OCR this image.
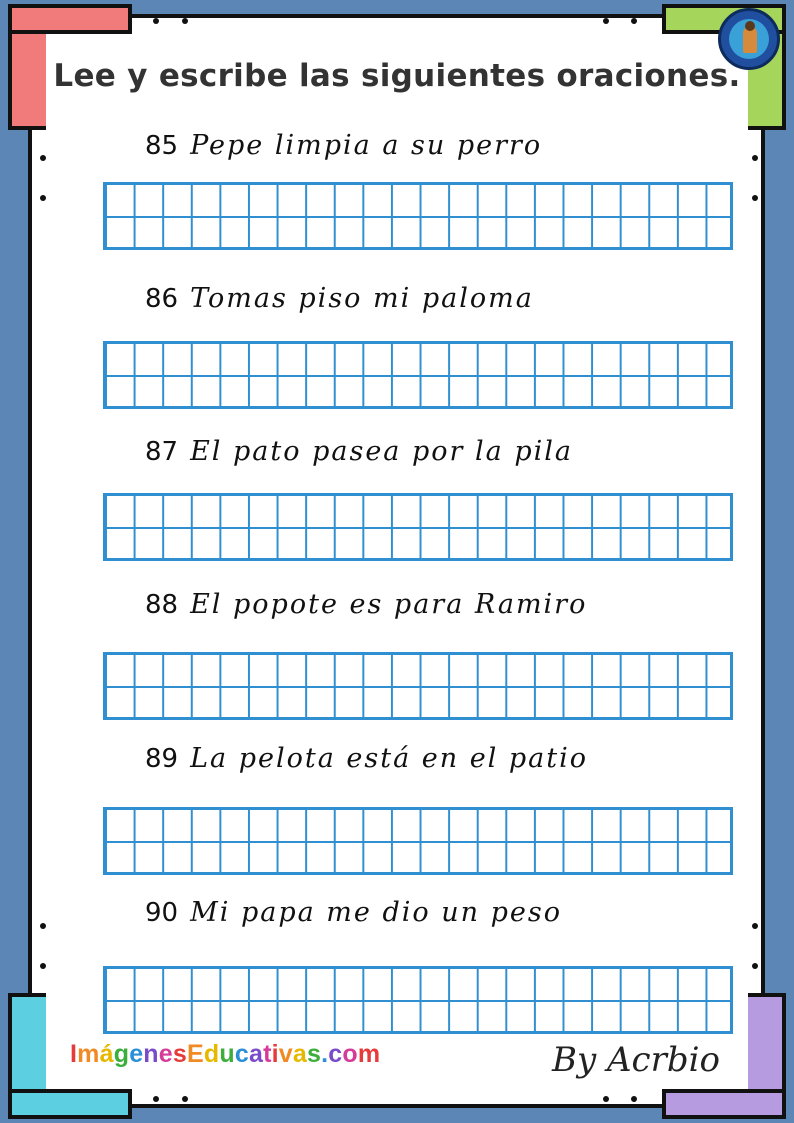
Lee y escribe las siguientes oraciones.
85 Pepe limpia a su perro
86 Tomas piso mi paloma
87 El pato pasea por la pila
88 El popote es para Ramiro
89 La pelota está en el patio
90 Mi papa me dio un peso
ImágenesEducativas.com	By Acrbio
